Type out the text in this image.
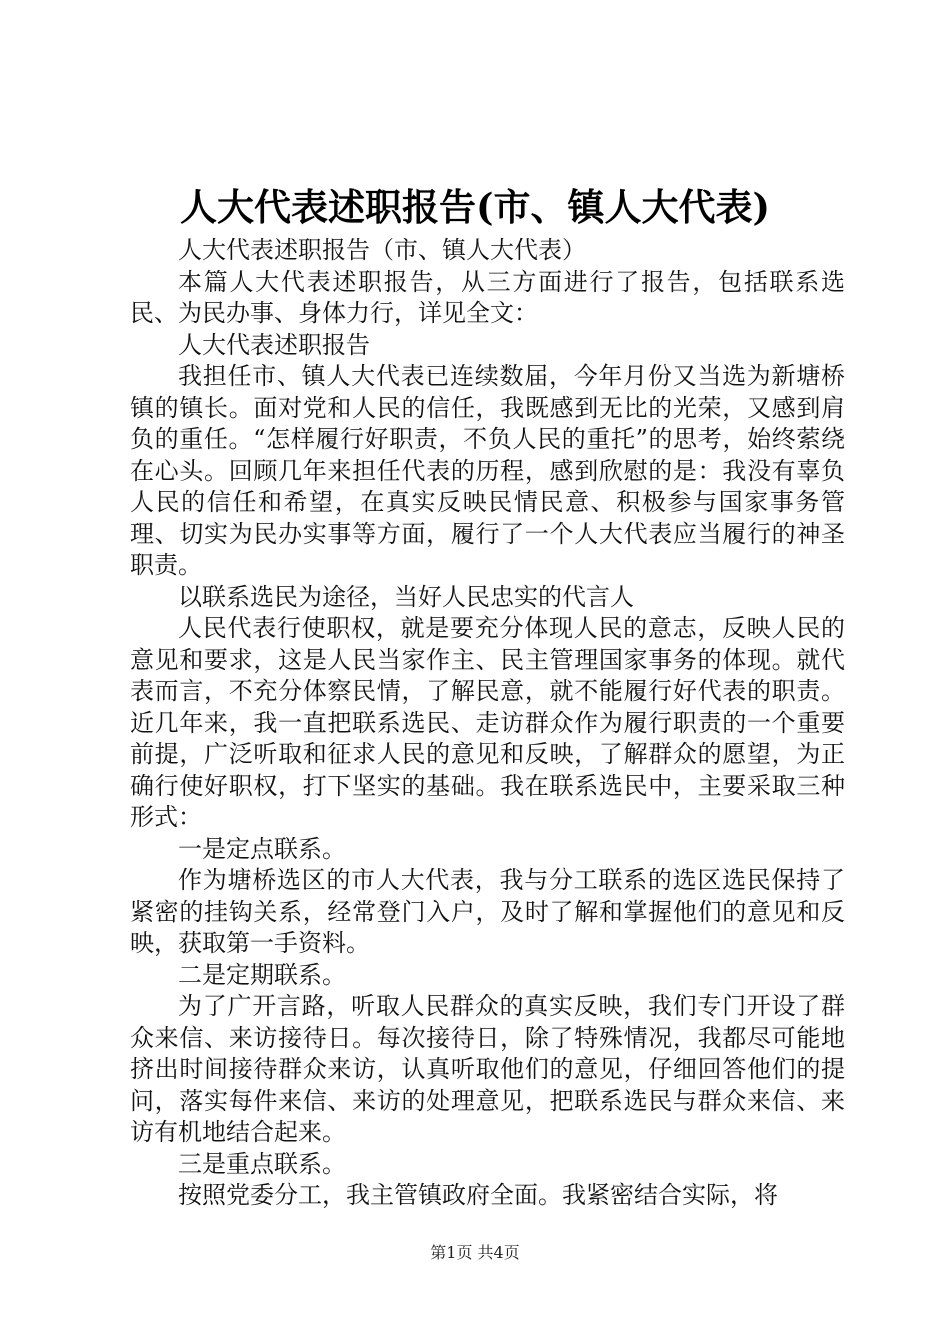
人大代表述职报告(市、镇人大代表)

人大代表述职报告（市、镇人大代表）

本篇人大代表述职报告，从三方面进行了报告，包括联系选民、为民办事、身体力行，详见全文：

人大代表述职报告

我担任市、镇人大代表已连续数届，今年月份又当选为新塘桥镇的镇长。面对党和人民的信任，我既感到无比的光荣，又感到肩负的重任。“怎样履行好职责，不负人民的重托”的思考，始终萦绕在心头。回顾几年来担任代表的历程，感到欣慰的是：我没有辜负人民的信任和希望，在真实反映民情民意、积极参与国家事务管理、切实为民办实事等方面，履行了一个人大代表应当履行的神圣职责。

以联系选民为途径，当好人民忠实的代言人

人民代表行使职权，就是要充分体现人民的意志，反映人民的意见和要求，这是人民当家作主、民主管理国家事务的体现。就代表而言，不充分体察民情，了解民意，就不能履行好代表的职责。近几年来，我一直把联系选民、走访群众作为履行职责的一个重要前提，广泛听取和征求人民的意见和反映，了解群众的愿望，为正确行使好职权，打下坚实的基础。我在联系选民中，主要采取三种形式：

一是定点联系。

作为塘桥选区的市人大代表，我与分工联系的选区选民保持了紧密的挂钩关系，经常登门入户，及时了解和掌握他们的意见和反映，获取第一手资料。

二是定期联系。

为了广开言路，听取人民群众的真实反映，我们专门开设了群众来信、来访接待日。每次接待日，除了特殊情况，我都尽可能地挤出时间接待群众来访，认真听取他们的意见，仔细回答他们的提问，落实每件来信、来访的处理意见，把联系选民与群众来信、来访有机地结合起来。

三是重点联系。

按照党委分工，我主管镇政府全面。我紧密结合实际，将

第1页 共4页
